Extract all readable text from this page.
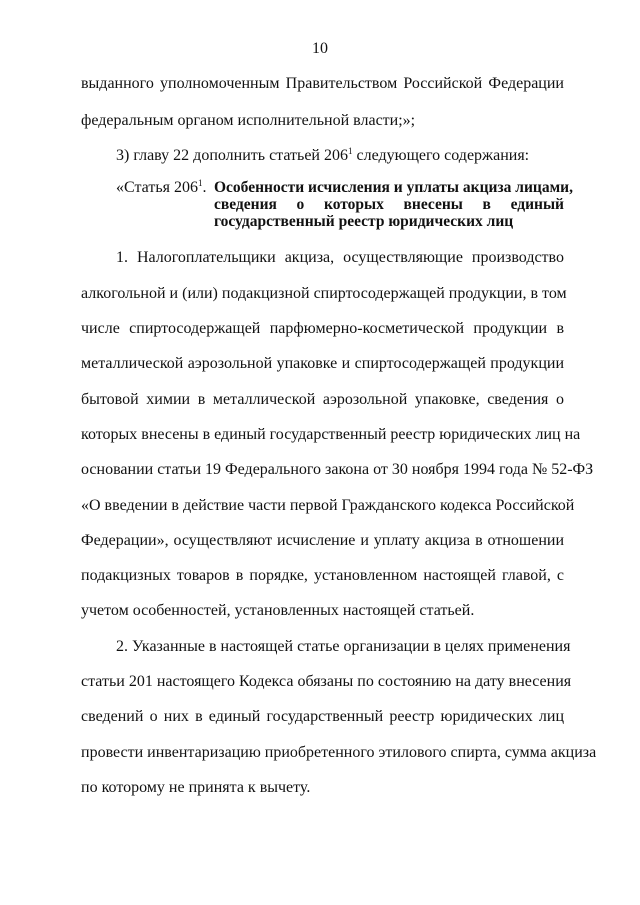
10
выданного уполномоченным Правительством Российской Федерации
федеральным органом исполнительной власти;»;
3) главу 22 дополнить статьей $206^1$ следующего содержания:
«Статья $206^1$. Особенности исчисления и уплаты акциза лицами,
сведения о которых внесены в единый
государственный реестр юридических лиц
1. Налогоплательщики акциза, осуществляющие производство
алкогольной и (или) подакцизной спиртосодержащей продукции, в том
числе спиртосодержащей парфюмерно-косметической продукции в
металлической аэрозольной упаковке и спиртосодержащей продукции
бытовой химии в металлической аэрозольной упаковке, сведения о
которых внесены в единый государственный реестр юридических лиц на
основании статьи 19 Федерального закона от 30 ноября 1994 года № 52-ФЗ
«О введении в действие части первой Гражданского кодекса Российской
Федерации», осуществляют исчисление и уплату акциза в отношении
подакцизных товаров в порядке, установленном настоящей главой, с
учетом особенностей, установленных настоящей статьей.
2. Указанные в настоящей статье организации в целях применения
статьи 201 настоящего Кодекса обязаны по состоянию на дату внесения
сведений о них в единый государственный реестр юридических лиц
провести инвентаризацию приобретенного этилового спирта, сумма акциза
по которому не принята к вычету.
